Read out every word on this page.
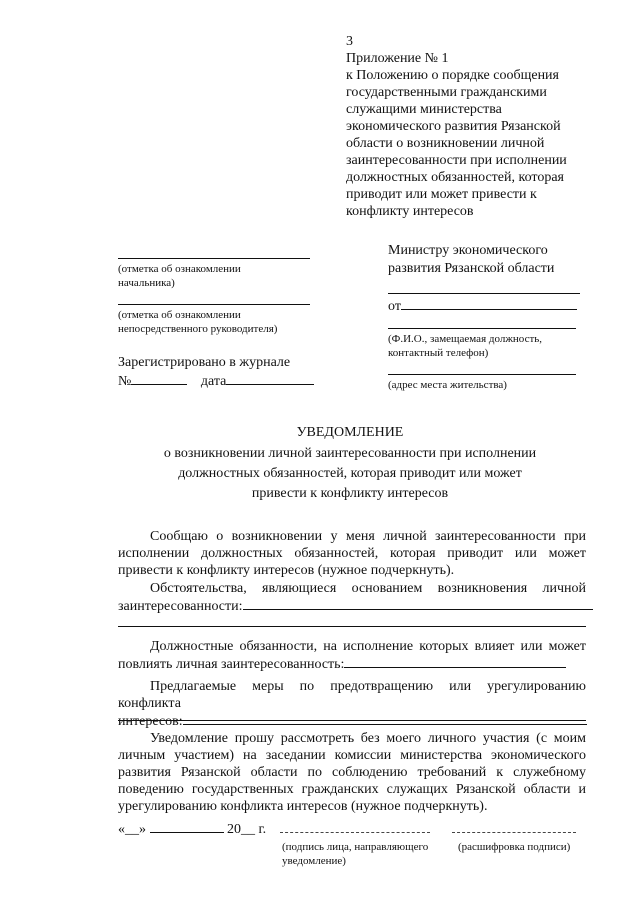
3
Приложение № 1
к Положению о порядке сообщения
государственными гражданскими
служащими министерства
экономического развития Рязанской
области о возникновении личной
заинтересованности при исполнении
должностных обязанностей, которая
приводит или может привести к
конфликту интересов
(отметка об ознакомлении начальника)
(отметка об ознакомлении непосредственного руководителя)
Зарегистрировано в журнале
№	дата
Министру экономического
развития Рязанской области
от
(Ф.И.О., замещаемая должность, контактный телефон)
(адрес места жительства)
УВЕДОМЛЕНИЕ
о возникновении личной заинтересованности при исполнении
должностных обязанностей, которая приводит или может
привести к конфликту интересов
Сообщаю о возникновении у меня личной заинтересованности при исполнении должностных обязанностей, которая приводит или может привести к конфликту интересов (нужное подчеркнуть).
Обстоятельства, являющиеся основанием возникновения личной
заинтересованности:
Должностные обязанности, на исполнение которых влияет или может
повлиять личная заинтересованность:
Предлагаемые меры по предотвращению или урегулированию конфликта
интересов:
Уведомление прошу рассмотреть без моего личного участия (с моим личным участием) на заседании комиссии министерства экономического развития Рязанской области по соблюдению требований к служебному поведению государственных гражданских служащих Рязанской области и урегулированию конфликта интересов (нужное подчеркнуть).
«__»	20__ г.
(подпись лица, направляющего уведомление)
(расшифровка подписи)
